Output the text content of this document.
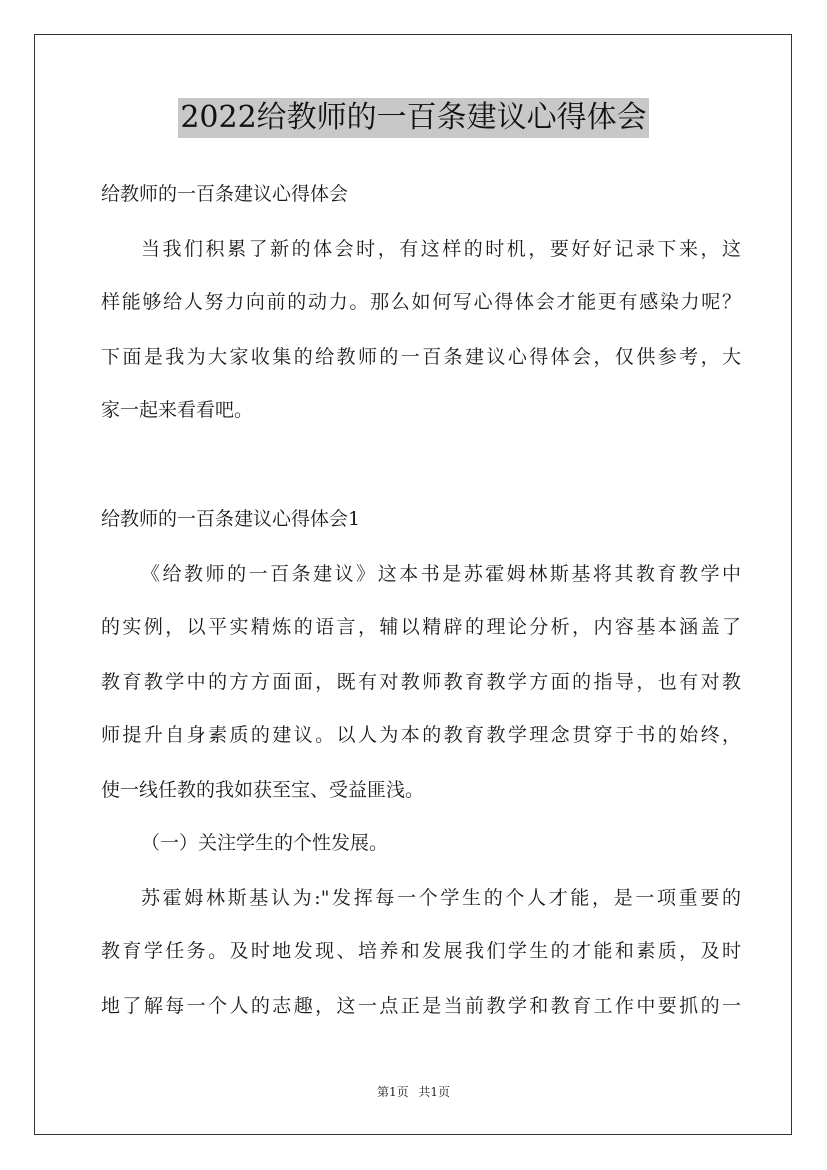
2022给教师的一百条建议心得体会
给教师的一百条建议心得体会
当我们积累了新的体会时，有这样的时机，要好好记录下来，这
样能够给人努力向前的动力。那么如何写心得体会才能更有感染力呢？
下面是我为大家收集的给教师的一百条建议心得体会，仅供参考，大
家一起来看看吧。
给教师的一百条建议心得体会1
《给教师的一百条建议》这本书是苏霍姆林斯基将其教育教学中
的实例，以平实精炼的语言，辅以精辟的理论分析，内容基本涵盖了
教育教学中的方方面面，既有对教师教育教学方面的指导，也有对教
师提升自身素质的建议。以人为本的教育教学理念贯穿于书的始终，
使一线任教的我如获至宝、受益匪浅。
（一）关注学生的个性发展。
苏霍姆林斯基认为:"发挥每一个学生的个人才能，是一项重要的
教育学任务。及时地发现、培养和发展我们学生的才能和素质，及时
地了解每一个人的志趣，这一点正是当前教学和教育工作中要抓的一
第1页 共1页
